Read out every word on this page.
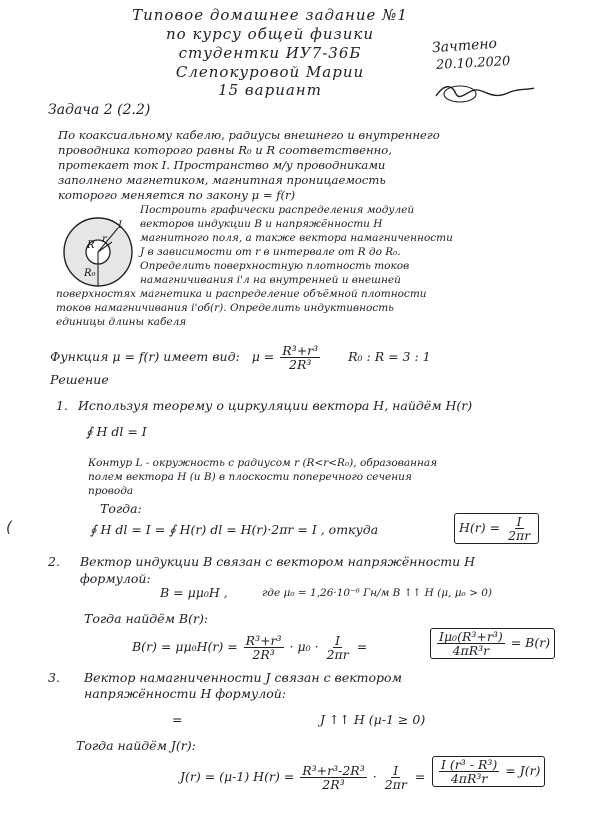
Типовое домашнее задание №1
по курсу общей физики
студентки ИУ7-36Б
Слепокуровой Марии
15 вариант
Зачтено
20.10.2020
Задача 2 (2.2)
По коаксиальному кабелю, радиусы внешнего и внутреннего
проводника которого равны R₀ и R соответственно,
протекает ток I. Пространство м/у проводниками
заполнено магнетиком, магнитная проницаемость
которого меняется по закону μ = f(r)
r
R
R₀
I
Построить графически распределения модулей
векторов индукции B и напряжённости H
магнитного поля, а также вектора намагниченности
J в зависимости от r в интервале от R до R₀.
Определить поверхностную плотность токов
намагничивания i'л на внутренней и внешней
поверхностях магнетика и распределение объёмной плотности
токов намагничивания i'об(r). Определить индуктивность
единицы длины кабеля
Функция μ = f(r) имеет вид: $\mu = \frac{\text{R³+r³}}{\text{2R³}} R_0$ : R = 3 : 1
Решение
1. Используя теорему о циркуляции вектора H, найдём H(r)
∮ H dl = I
Контур L - окружность с радиусом r (R<r<R₀), образованная
полем вектора H (и B) в плоскости поперечного сечения
провода
Тогда:
∮ H dl = I = ∮ H(r) dl = H(r)·2πr = I , откуда	$H(r) = \frac{I}{2\pi r}$
(
2. Вектор индукции B связан с вектором напряжённости H
формулой:
B = μμ₀H ,	где μ₀ = 1,26·10⁻⁶ Гн/м B ↑↑ H (μ, μ₀ > 0)
Тогда найдём B(r):
$B(r) = \mu\mu_0H(r) = \frac{\text{R³+r³}}{\text{2R³}} \cdot \mu_0 \cdot \frac{I}{2\pi r}$ =	$\frac{\text{Iμ₀(R³+r³)}}{\text{4πR³r}} = B(r)$
3. Вектор намагниченности J связан с вектором
напряжённости H формулой:
=	J ↑↑ H (μ-1 ≥ 0)
Тогда найдём J(r):
J(r) = (μ-1) $H(r) = \frac{\text{R³+r³-2R³}}{\text{2R³}} \cdot \frac{I}{2\pi r} = \frac{\text{I (r³ - R³)}}{\text{4πR³r}} = J(r)$
